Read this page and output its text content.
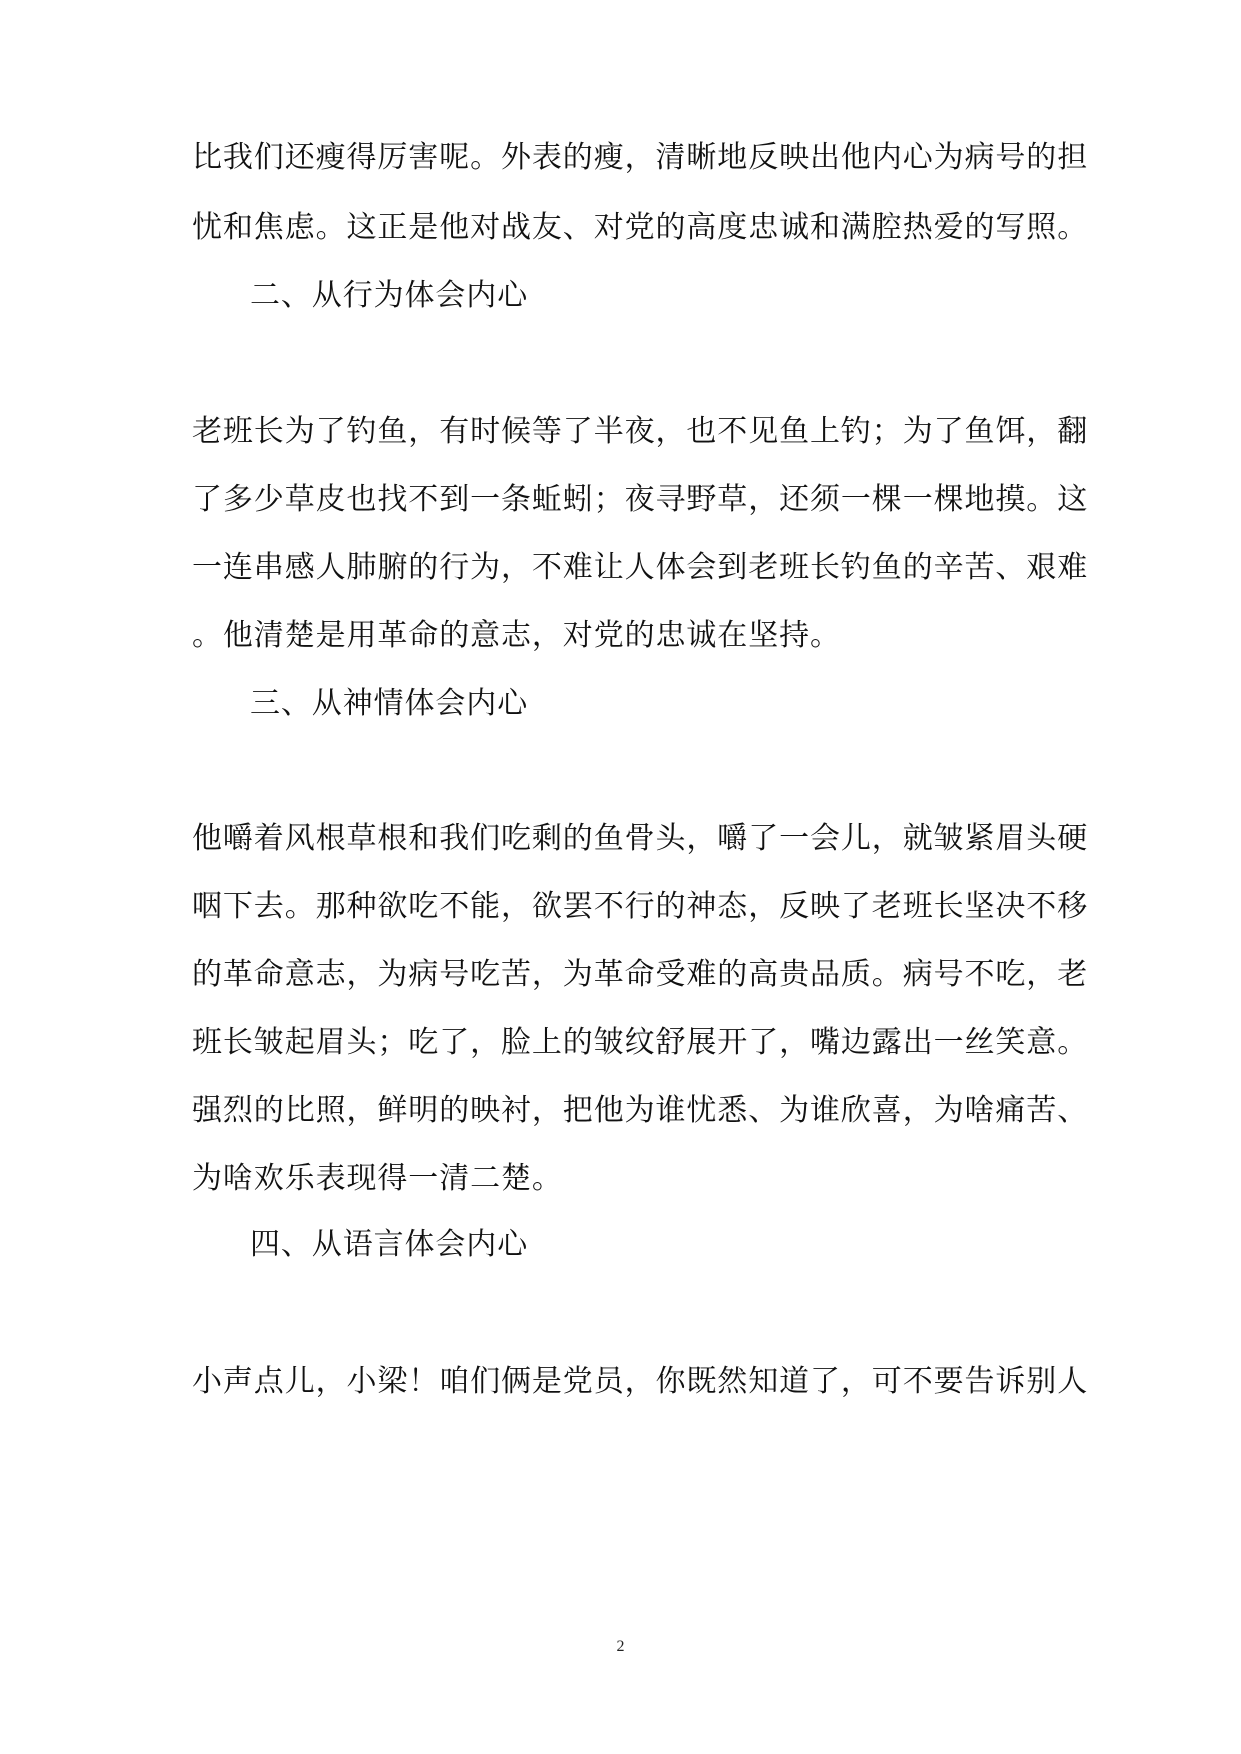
比我们还瘦得厉害呢。外表的瘦，清晰地反映出他内心为病号的担
忧和焦虑。这正是他对战友、对党的高度忠诚和满腔热爱的写照。
二、从行为体会内心
老班长为了钓鱼，有时候等了半夜，也不见鱼上钓；为了鱼饵，翻
了多少草皮也找不到一条蚯蚓；夜寻野草，还须一棵一棵地摸。这
一连串感人肺腑的行为，不难让人体会到老班长钓鱼的辛苦、艰难
。他清楚是用革命的意志，对党的忠诚在坚持。
三、从神情体会内心
他嚼着风根草根和我们吃剩的鱼骨头，嚼了一会儿，就皱紧眉头硬
咽下去。那种欲吃不能，欲罢不行的神态，反映了老班长坚决不移
的革命意志，为病号吃苦，为革命受难的高贵品质。病号不吃，老
班长皱起眉头；吃了，脸上的皱纹舒展开了，嘴边露出一丝笑意。
强烈的比照，鲜明的映衬，把他为谁忧悉、为谁欣喜，为啥痛苦、
为啥欢乐表现得一清二楚。
四、从语言体会内心
小声点儿，小梁！咱们俩是党员，你既然知道了，可不要告诉别人
2
